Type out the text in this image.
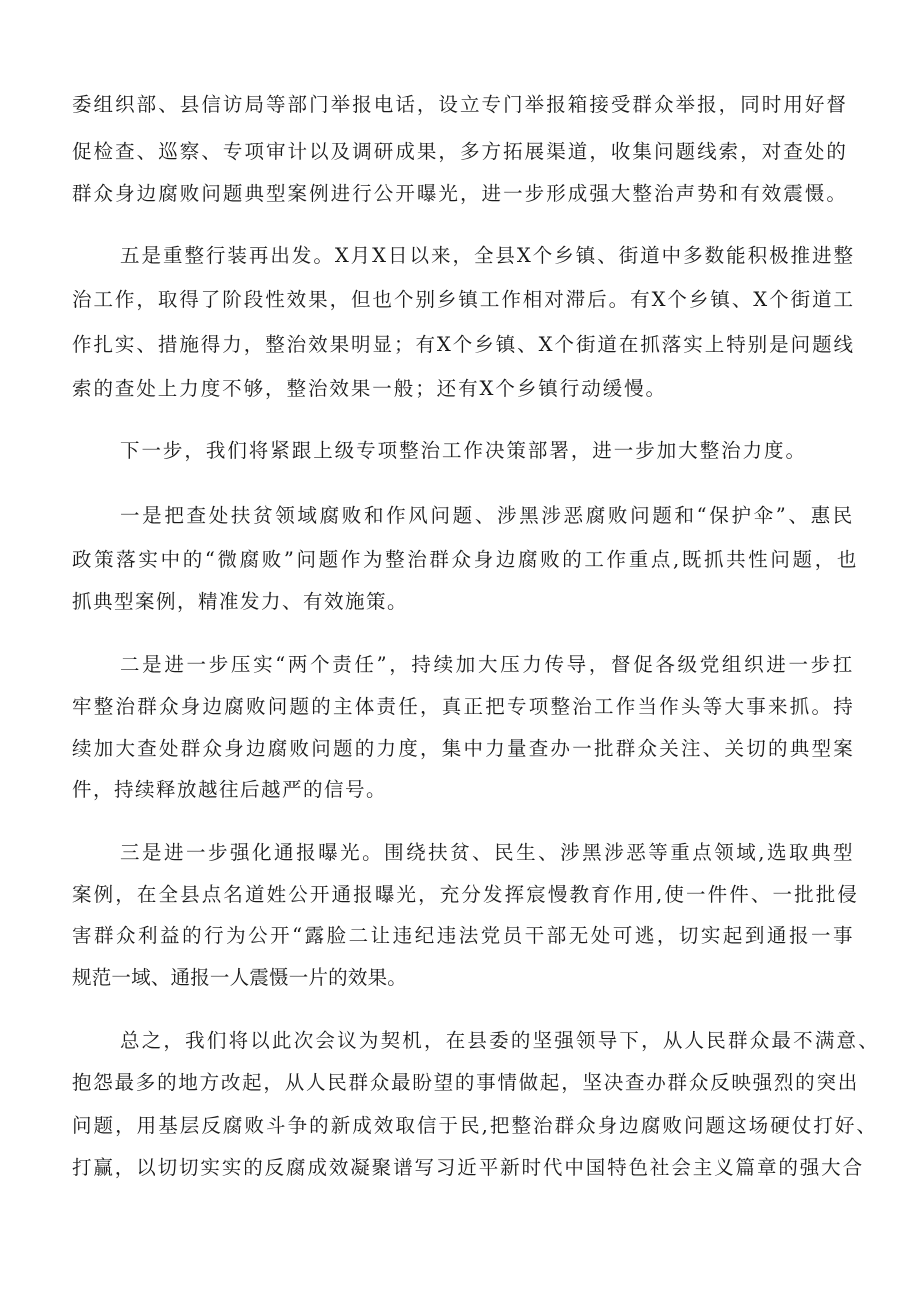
委组织部、县信访局等部门举报电话，设立专门举报箱接受群众举报，同时用好督
促检查、巡察、专项审计以及调研成果，多方拓展渠道，收集问题线索，对查处的
群众身边腐败问题典型案例进行公开曝光，进一步形成强大整治声势和有效震慑。
五是重整行装再出发。X月X日以来，全县X个乡镇、街道中多数能积极推进整
治工作，取得了阶段性效果，但也个别乡镇工作相对滞后。有X个乡镇、X个街道工
作扎实、措施得力，整治效果明显；有X个乡镇、X个街道在抓落实上特别是问题线
索的查处上力度不够，整治效果一般；还有X个乡镇行动缓慢。
下一步，我们将紧跟上级专项整治工作决策部署，进一步加大整治力度。
一是把查处扶贫领域腐败和作风问题、涉黑涉恶腐败问题和“保护伞”、惠民
政策落实中的“微腐败”问题作为整治群众身边腐败的工作重点,既抓共性问题，也
抓典型案例，精准发力、有效施策。
二是进一步压实“两个责任”，持续加大压力传导，督促各级党组织进一步扛
牢整治群众身边腐败问题的主体责任，真正把专项整治工作当作头等大事来抓。持
续加大查处群众身边腐败问题的力度，集中力量查办一批群众关注、关切的典型案
件，持续释放越往后越严的信号。
三是进一步强化通报曝光。围绕扶贫、民生、涉黑涉恶等重点领域,选取典型
案例，在全县点名道姓公开通报曝光，充分发挥宸慢教育作用,使一件件、一批批侵
害群众利益的行为公开“露脸二让违纪违法党员干部无处可逃，切实起到通报一事
规范一域、通报一人震慑一片的效果。
总之，我们将以此次会议为契机，在县委的坚强领导下，从人民群众最不满意、
抱怨最多的地方改起，从人民群众最盼望的事情做起，坚决查办群众反映强烈的突出
问题，用基层反腐败斗争的新成效取信于民,把整治群众身边腐败问题这场硬仗打好、
打赢，以切切实实的反腐成效凝聚谱写习近平新时代中国特色社会主义篇章的强大合
